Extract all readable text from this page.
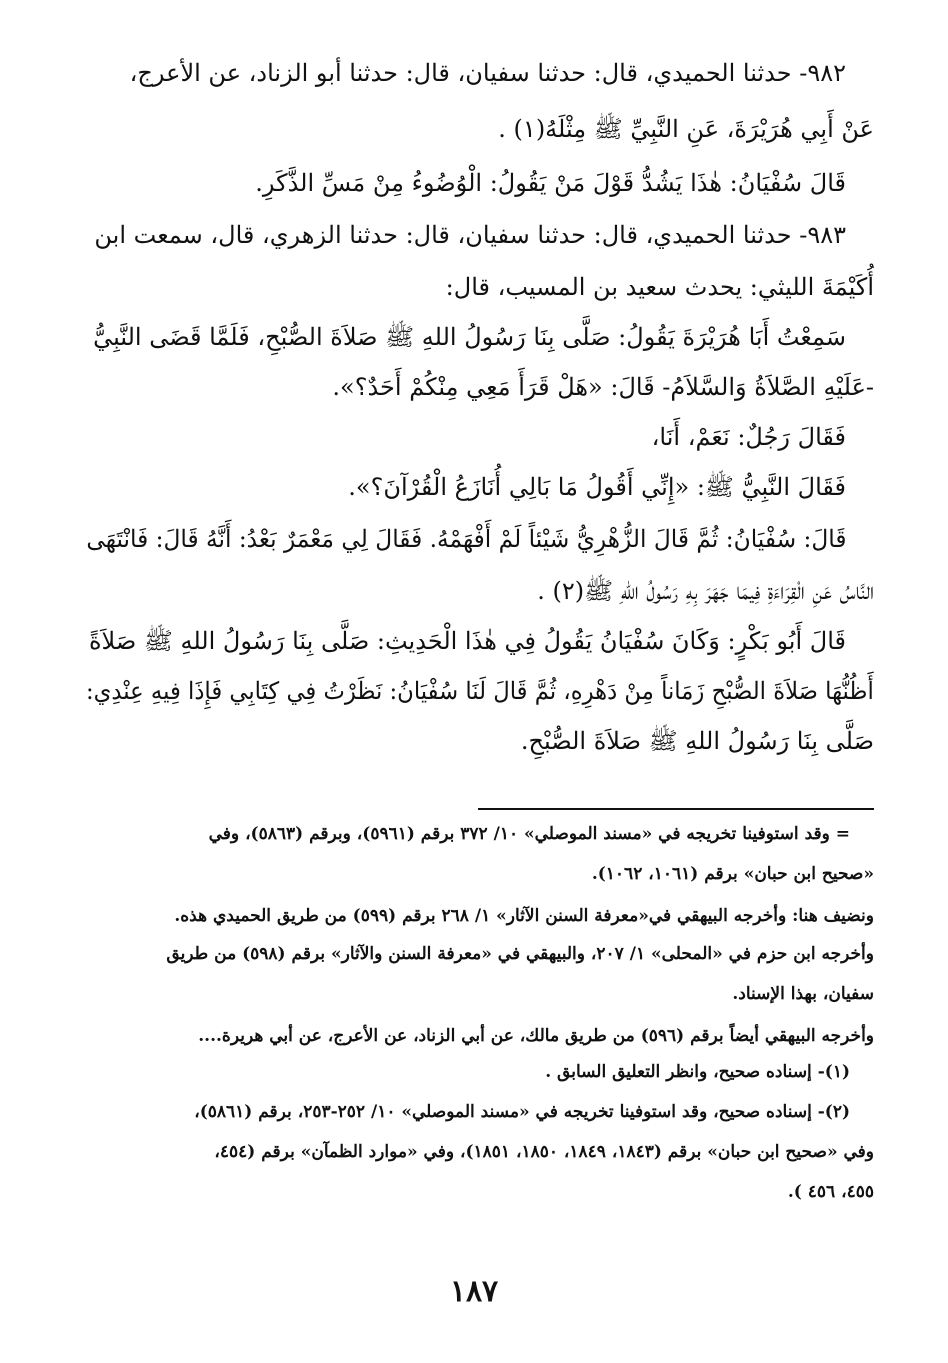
٩٨٢- حدثنا الحميدي، قال: حدثنا سفيان، قال: حدثنا أبو الزناد، عن الأعرج،

عَنْ أَبِي هُرَيْرَةَ، عَنِ النَّبِيِّ ﷺ مِثْلَهُ(١) .

قَالَ سُفْيَانُ: هٰذَا يَشُدُّ قَوْلَ مَنْ يَقُولُ: الْوُضُوءُ مِنْ مَسِّ الذَّكَرِ.

٩٨٣- حدثنا الحميدي، قال: حدثنا سفيان، قال: حدثنا الزهري، قال، سمعت ابن

أُكَيْمَةَ الليثي: يحدث سعيد بن المسيب، قال:

سَمِعْتُ أَبَا هُرَيْرَةَ يَقُولُ: صَلَّى بِنَا رَسُولُ اللهِ ﷺ صَلاَةَ الصُّبْحِ، فَلَمَّا قَضَى النَّبِيُّ

-عَلَيْهِ الصَّلاَةُ وَالسَّلاَمُ- قَالَ: «هَلْ قَرَأَ مَعِي مِنْكُمْ أَحَدٌ؟».

فَقَالَ رَجُلٌ: نَعَمْ، أَنَا،

فَقَالَ النَّبِيُّ ﷺ: «إِنِّي أَقُولُ مَا بَالِي أُنَازَعُ الْقُرْآنَ؟».

قَالَ: سُفْيَانُ: ثُمَّ قَالَ الزُّهْرِيُّ شَيْئاً لَمْ أَفْهَمْهُ. فَقَالَ لِي مَعْمَرٌ بَعْدُ: أَنَّهُ قَالَ: فَانْتَهَى

النَّاسُ عَنِ الْقِرَاءَةِ فِيمَا جَهَرَ بِهِ رَسُولُ اللهِ ﷺ(٢) .

قَالَ أَبُو بَكْرٍ: وَكَانَ سُفْيَانُ يَقُولُ فِي هٰذَا الْحَدِيثِ: صَلَّى بِنَا رَسُولُ اللهِ ﷺ صَلاَةً

أَظُنُّهَا صَلاَةَ الصُّبْحِ زَمَاناً مِنْ دَهْرِهِ، ثُمَّ قَالَ لَنَا سُفْيَانُ: نَظَرْتُ فِي كِتَابِي فَإِذَا فِيهِ عِنْدِي:

صَلَّى بِنَا رَسُولُ اللهِ ﷺ صَلاَةَ الصُّبْحِ.

= وقد استوفينا تخريجه في «مسند الموصلي» ١٠/ ٣٧٢ برقم (٥٩٦١)، وبرقم (٥٨٦٣)، وفي

«صحيح ابن حبان» برقم (١٠٦١، ١٠٦٢).

ونضيف هنا: وأخرجه البيهقي في«معرفة السنن الآثار» ١/ ٢٦٨ برقم (٥٩٩) من طريق الحميدي هذه.

وأخرجه ابن حزم في «المحلى» ١/ ٢٠٧، والبيهقي في «معرفة السنن والآثار» برقم (٥٩٨) من طريق

سفيان، بهذا الإسناد.

وأخرجه البيهقي أيضاً برقم (٥٩٦) من طريق مالك، عن أبي الزناد، عن الأعرج، عن أبي هريرة....

(١)- إسناده صحيح، وانظر التعليق السابق .

(٢)- إسناده صحيح، وقد استوفينا تخريجه في «مسند الموصلي» ١٠/ ٢٥٢-٢٥٣، برقم (٥٨٦١)،

وفي «صحيح ابن حبان» برقم (١٨٤٣، ١٨٤٩، ١٨٥٠، ١٨٥١)، وفي «موارد الظمآن» برقم (٤٥٤،

٤٥٥، ٤٥٦ ).

١٨٧
